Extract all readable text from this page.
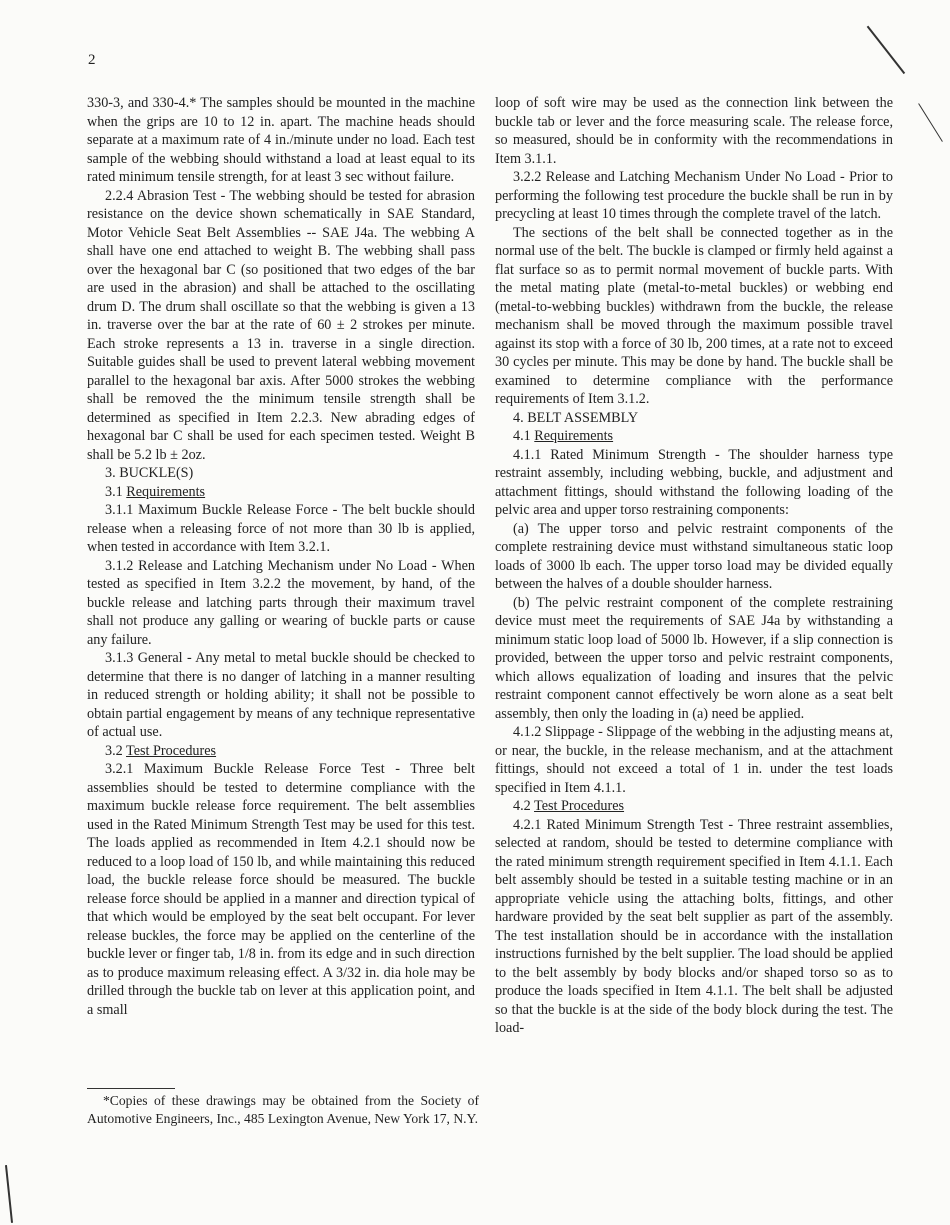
2

330-3, and 330-4.* The samples should be mounted in the machine when the grips are 10 to 12 in. apart. The machine heads should separate at a maximum rate of 4 in./minute under no load. Each test sample of the webbing should withstand a load at least equal to its rated minimum tensile strength, for at least 3 sec without failure.

2.2.4 Abrasion Test - The webbing should be tested for abrasion resistance on the device shown schematically in SAE Standard, Motor Vehicle Seat Belt Assemblies -- SAE J4a. The webbing A shall have one end attached to weight B. The webbing shall pass over the hexagonal bar C (so positioned that two edges of the bar are used in the abrasion) and shall be attached to the oscillating drum D. The drum shall oscillate so that the webbing is given a 13 in. traverse over the bar at the rate of 60 ± 2 strokes per minute. Each stroke represents a 13 in. traverse in a single direction. Suitable guides shall be used to prevent lateral webbing movement parallel to the hexagonal bar axis. After 5000 strokes the webbing shall be removed the the minimum tensile strength shall be determined as specified in Item 2.2.3. New abrading edges of hexagonal bar C shall be used for each specimen tested. Weight B shall be 5.2 lb ± 2oz.

3. BUCKLE(S)

3.1 Requirements

3.1.1 Maximum Buckle Release Force - The belt buckle should release when a releasing force of not more than 30 lb is applied, when tested in accordance with Item 3.2.1.

3.1.2 Release and Latching Mechanism under No Load - When tested as specified in Item 3.2.2 the movement, by hand, of the buckle release and latching parts through their maximum travel shall not produce any galling or wearing of buckle parts or cause any failure.

3.1.3 General - Any metal to metal buckle should be checked to determine that there is no danger of latching in a manner resulting in reduced strength or holding ability; it shall not be possible to obtain partial engagement by means of any technique representative of actual use.

3.2 Test Procedures

3.2.1 Maximum Buckle Release Force Test - Three belt assemblies should be tested to determine compliance with the maximum buckle release force requirement. The belt assemblies used in the Rated Minimum Strength Test may be used for this test. The loads applied as recommended in Item 4.2.1 should now be reduced to a loop load of 150 lb, and while maintaining this reduced load, the buckle release force should be measured. The buckle release force should be applied in a manner and direction typical of that which would be employed by the seat belt occupant. For lever release buckles, the force may be applied on the centerline of the buckle lever or finger tab, 1/8 in. from its edge and in such direction as to produce maximum releasing effect. A 3/32 in. dia hole may be drilled through the buckle tab on lever at this application point, and a small

loop of soft wire may be used as the connection link between the buckle tab or lever and the force measuring scale. The release force, so measured, should be in conformity with the recommendations in Item 3.1.1.

3.2.2 Release and Latching Mechanism Under No Load - Prior to performing the following test procedure the buckle shall be run in by precycling at least 10 times through the complete travel of the latch.

The sections of the belt shall be connected together as in the normal use of the belt. The buckle is clamped or firmly held against a flat surface so as to permit normal movement of buckle parts. With the metal mating plate (metal-to-metal buckles) or webbing end (metal-to-webbing buckles) withdrawn from the buckle, the release mechanism shall be moved through the maximum possible travel against its stop with a force of 30 lb, 200 times, at a rate not to exceed 30 cycles per minute. This may be done by hand. The buckle shall be examined to determine compliance with the performance requirements of Item 3.1.2.

4. BELT ASSEMBLY

4.1 Requirements

4.1.1 Rated Minimum Strength - The shoulder harness type restraint assembly, including webbing, buckle, and adjustment and attachment fittings, should withstand the following loading of the pelvic area and upper torso restraining components:

(a) The upper torso and pelvic restraint components of the complete restraining device must withstand simultaneous static loop loads of 3000 lb each. The upper torso load may be divided equally between the halves of a double shoulder harness.

(b) The pelvic restraint component of the complete restraining device must meet the requirements of SAE J4a by withstanding a minimum static loop load of 5000 lb. However, if a slip connection is provided, between the upper torso and pelvic restraint components, which allows equalization of loading and insures that the pelvic restraint component cannot effectively be worn alone as a seat belt assembly, then only the loading in (a) need be applied.

4.1.2 Slippage - Slippage of the webbing in the adjusting means at, or near, the buckle, in the release mechanism, and at the attachment fittings, should not exceed a total of 1 in. under the test loads specified in Item 4.1.1.

4.2 Test Procedures

4.2.1 Rated Minimum Strength Test - Three restraint assemblies, selected at random, should be tested to determine compliance with the rated minimum strength requirement specified in Item 4.1.1. Each belt assembly should be tested in a suitable testing machine or in an appropriate vehicle using the attaching bolts, fittings, and other hardware provided by the seat belt supplier as part of the assembly. The test installation should be in accordance with the installation instructions furnished by the belt supplier. The load should be applied to the belt assembly by body blocks and/or shaped torso so as to produce the loads specified in Item 4.1.1. The belt shall be adjusted so that the buckle is at the side of the body block during the test. The load-

*Copies of these drawings may be obtained from the Society of Automotive Engineers, Inc., 485 Lexington Avenue, New York 17, N.Y.
